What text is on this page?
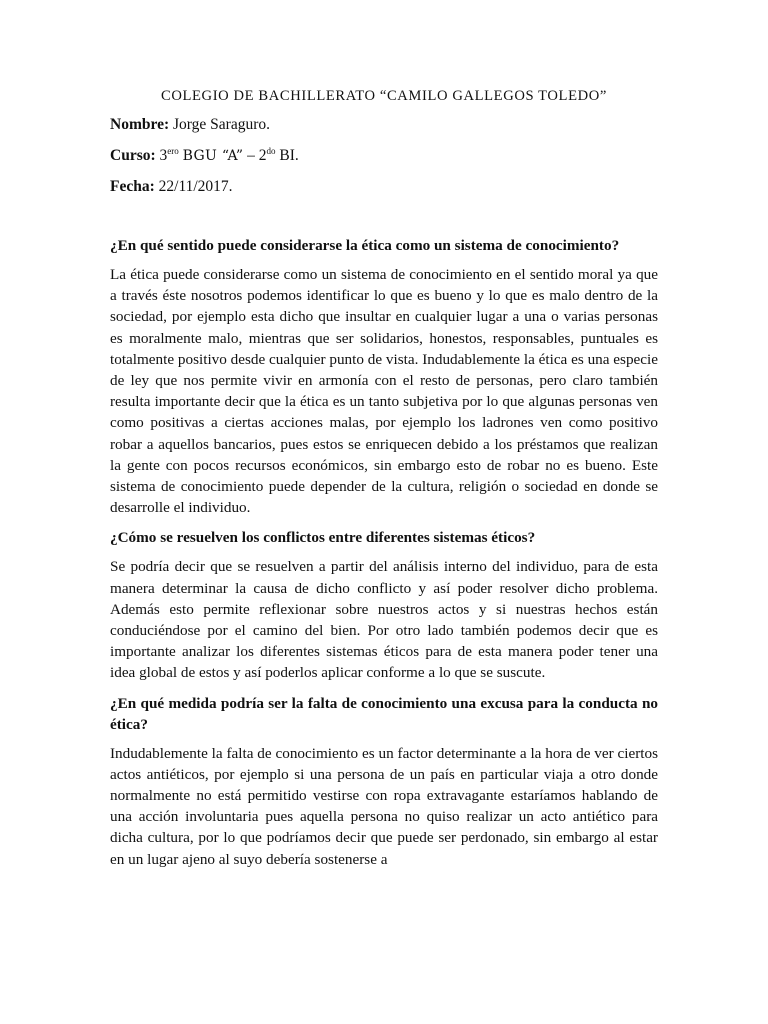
COLEGIO DE BACHILLERATO “CAMILO GALLEGOS TOLEDO”

Nombre: Jorge Saraguro.

Curso: $3^{ero}$ BGU “A” – $2^{do}$ BI.

Fecha: 22/11/2017.

¿En qué sentido puede considerarse la ética como un sistema de conocimiento?

La ética puede considerarse como un sistema de conocimiento en el sentido moral ya que a través éste nosotros podemos identificar lo que es bueno y lo que es malo dentro de la sociedad, por ejemplo esta dicho que insultar en cualquier lugar a una o varias personas es moralmente malo, mientras que ser solidarios, honestos, responsables, puntuales es totalmente positivo desde cualquier punto de vista. Indudablemente la ética es una especie de ley que nos permite vivir en armonía con el resto de personas, pero claro también resulta importante decir que la ética es un tanto subjetiva por lo que algunas personas ven como positivas a ciertas acciones malas, por ejemplo los ladrones ven como positivo robar a aquellos bancarios, pues estos se enriquecen debido a los préstamos que realizan la gente con pocos recursos económicos, sin embargo esto de robar no es bueno. Este sistema de conocimiento puede depender de la cultura, religión o sociedad en donde se desarrolle el individuo.

¿Cómo se resuelven los conflictos entre diferentes sistemas éticos?

Se podría decir que se resuelven a partir del análisis interno del individuo, para de esta manera determinar la causa de dicho conflicto y así poder resolver dicho problema. Además esto permite reflexionar sobre nuestros actos y si nuestras hechos están conduciéndose por el camino del bien. Por otro lado también podemos decir que es importante analizar los diferentes sistemas éticos para de esta manera poder tener una idea global de estos y así poderlos aplicar conforme a lo que se suscute.

¿En qué medida podría ser la falta de conocimiento una excusa para la conducta no ética?

Indudablemente la falta de conocimiento es un factor determinante a la hora de ver ciertos actos antiéticos, por ejemplo si una persona de un país en particular viaja a otro donde normalmente no está permitido vestirse con ropa extravagante estaríamos hablando de una acción involuntaria pues aquella persona no quiso realizar un acto antiético para dicha cultura, por lo que podríamos decir que puede ser perdonado, sin embargo al estar en un lugar ajeno al suyo debería sostenerse a
